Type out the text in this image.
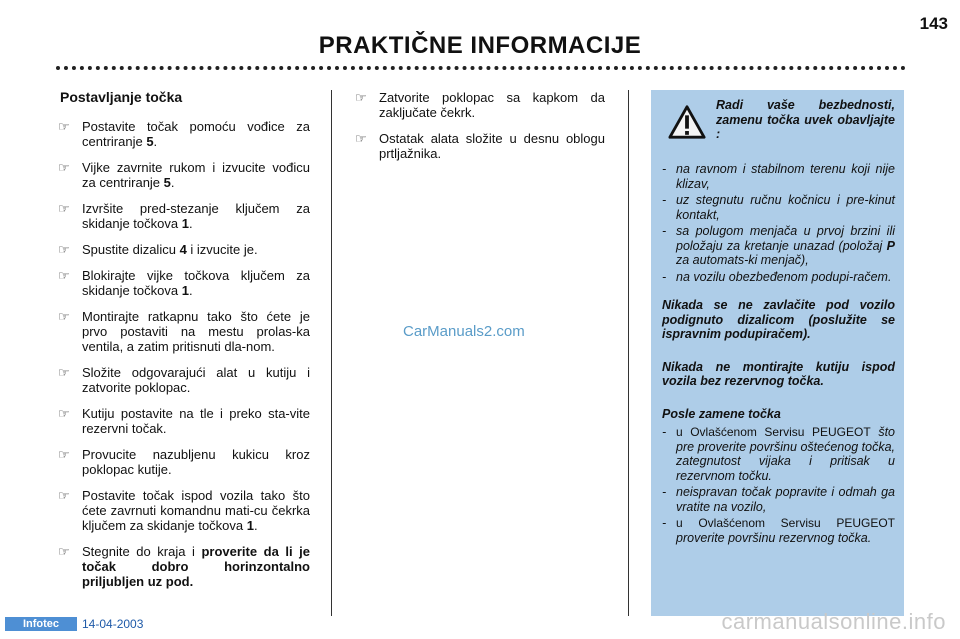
143
PRAKTIČNE INFORMACIJE
Postavljanje točka
☞ Postavite točak pomoću vođice za centriranje 5.
☞ Vijke zavrnite rukom i izvucite vođicu za centriranje 5.
☞ Izvršite pred-stezanje ključem za skidanje točkova 1.
☞ Spustite dizalicu 4 i izvucite je.
☞ Blokirajte vijke točkova ključem za skidanje točkova 1.
☞ Montirajte ratkapnu tako što ćete je prvo postaviti na mestu prolas-ka ventila, a zatim pritisnuti dla-nom.
☞ Složite odgovarajući alat u kutiju i zatvorite poklopac.
☞ Kutiju postavite na tle i preko sta-vite rezervni točak.
☞ Provucite nazubljenu kukicu kroz poklopac kutije.
☞ Postavite točak ispod vozila tako što ćete zavrnuti komandnu mati-cu čekrka ključem za skidanje točkova 1.
☞ Stegnite do kraja i proverite da li je točak dobro horinzontalno priljubljen uz pod.
☞ Zatvorite poklopac sa kapkom da zaključate čekrk.
☞ Ostatak alata složite u desnu oblogu prtljažnika.
CarManuals2.com
Radi vaše bezbednosti, zamenu točka uvek obavljajte :
- na ravnom i stabilnom terenu koji nije klizav,
- uz stegnutu ručnu kočnicu i pre-kinut kontakt,
- sa polugom menjača u prvoj brzini ili položaju za kretanje unazad (položaj P za automats-ki menjač),
- na vozilu obezbeđenom podupi-račem.
Nikada se ne zavlačite pod vozilo podignuto dizalicom (poslužite se ispravnim podupiračem).
Nikada ne montirajte kutiju ispod vozila bez rezervnog točka.
Posle zamene točka
- u Ovlašćenom Servisu PEUGEOT što pre proverite površinu oštećenog točka, zategnutost vijaka i pritisak u rezervnom točku.
- neispravan točak popravite i odmah ga vratite na vozilo,
- u Ovlašćenom Servisu PEUGEOT proverite površinu rezervnog točka.
Infotec	14-04-2003	carmanualsonline.info
